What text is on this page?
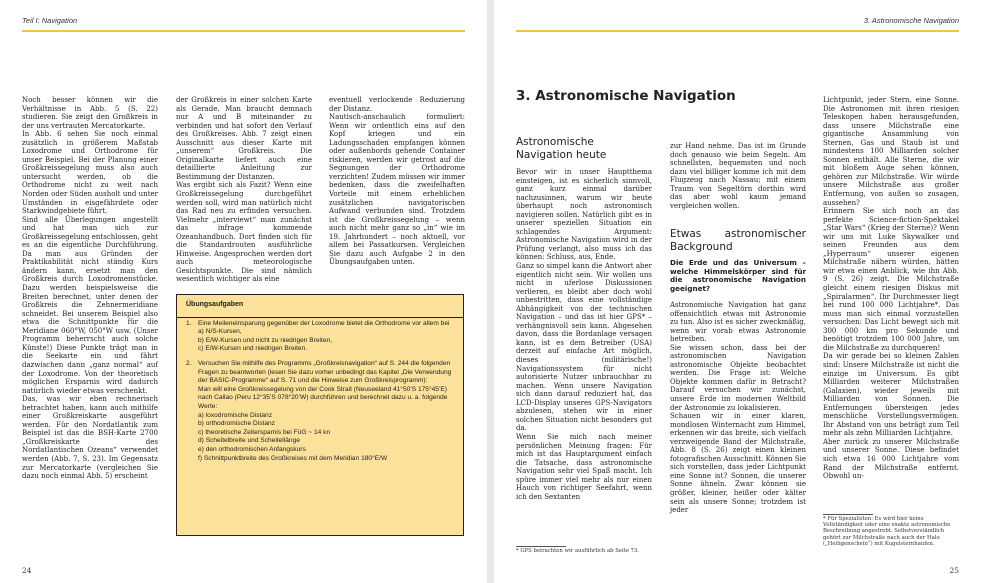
Teil I: Navigation

Noch besser können wir die Verhältnisse in Abb. 5 (S. 22) studieren. Sie zeigt den Großkreis in der uns vertrauten Mercatorkarte.

In Abb. 6 sehen Sie noch einmal zusätzlich in größerem Maßstab Loxodrome und Orthodrome für unser Beispiel. Bei der Planung einer Großkreissegelung muss also auch untersucht werden, ob die Orthodrome nicht zu weit nach Norden oder Süden ausholt und unter Umständen in eisgefährdete oder Starkwindgebiete führt.

Sind alle Überlegungen angestellt und hat man sich zur Großkreissegelung entschlossen, geht es an die eigentliche Durchführung. Da man aus Gründen der Praktikabilität nicht ständig Kurs ändern kann, ersetzt man den Großkreis durch Loxodromenstücke. Dazu werden beispielsweise die Breiten berechnet, unter denen der Großkreis die Zehnermeridiane schneidet. Bei unserem Beispiel also etwa die Schnittpunkte für die Meridiane 060°W, 050°W usw. (Unser Programm beherrscht auch solche Künste!) Diese Punkte trägt man in die Seekarte ein und fährt dazwischen dann „ganz normal“ auf der Loxodrome. Von der theoretisch möglichen Ersparnis wird dadurch natürlich wieder etwas verschenkt.

Das, was wir eben rechnerisch betrachtet haben, kann auch mithilfe einer Großkreiskarte ausgeführt werden. Für den Nordatlantik zum Beispiel ist das die BSH-Karte 2700 „Großkreiskarte des Nordatlantischen Ozeans“ verwendet werden (Abb. 7, S. 23). Im Gegensatz zur Mercatorkarte (vergleichen Sie dazu noch einmal Abb. 5) erscheint

der Großkreis in einer solchen Karte als Gerade. Man braucht demnach nur A und B miteinander zu verbinden und hat sofort den Verlauf des Großkreises. Abb. 7 zeigt einen Ausschnitt aus dieser Karte mit „unserem“ Großkreis. Die Originalkarte liefert auch eine detaillierte Anleitung zur Bestimmung der Distanzen.

Was ergibt sich als Fazit? Wenn eine Großkreissegelung durchgeführt werden soll, wird man natürlich nicht das Rad neu zu erfinden versuchen. Vielmehr „interviewt“ man zunächst das infrage kommende Ozeanhandbuch. Dort finden sich für die Standardrouten ausführliche Hinweise. Angesprochen werden dort auch meteorologische Gesichtspunkte. Die sind nämlich wesentlich wichtiger als eine

eventuell verlockende Reduzierung der Distanz.

Nautisch-anschaulich formuliert: Wenn wir ordentlich eins auf den Kopf kriegen und ein Ladungsschaden empfangen können oder außenbords gehende Container riskieren, werden wir getrost auf die Segnungen der Orthodrome verzichten! Zudem müssen wir immer bedenken, dass die zweifelhaften Vorteile mit einem erheblichen zusätzlichen navigatorischen Aufwand verbunden sind. Trotzdem ist die Großkreissegelung – wenn auch nicht mehr ganz so „in“ wie im 19. Jahrhundert – noch aktuell, vor allem bei Passatkursen. Vergleichen Sie dazu auch Aufgabe 2 in den Übungsaufgaben unten.

Übungsaufgaben
1. Eine Meileneinsparung gegenüber der Loxodrome bietet die Orthodrome vor allem bei
a) N/S-Kursen,
b) E/W-Kursen und nicht zu niedrigen Breiten,
c) E/W-Kursen und niedrigen Breiten.
2. Versuchen Sie mithilfe des Programms „Großkreisnavigation“ auf S. 244 die folgenden Fragen zu beantworten (lesen Sie dazu vorher unbedingt das Kapitel „Die Verwendung der BASIC-Programme“ auf S. 71 und die Hinweise zum Großkreisprogramm):
Man will eine Großkreissegelung von der Cook Strait (Neuseeland 41°50’S 175°45’E) nach Callao (Peru 12°35’S 078°20’W) durchführen und berechnet dazu u. a. folgende Werte:
a) loxodromische Distanz
b) orthodromische Distanz
c) theoretische Zeitersparnis bei FüG ~ 14 kn
d) Scheitelbreite und Scheitellänge
e) den orthodromischen Anfangskurs
f) Schnittpunktbreite des Großkreises mit dem Meridian 180°E/W
24
3. Astronomische Navigation
3. Astronomische Navigation
Astronomische Navigation heute

Bevor wir in unser Hauptthema einsteigen, ist es sicherlich sinnvoll, ganz kurz einmal darüber nachzusinnen, warum wir heute überhaupt noch astronomisch navigieren sollen. Natürlich gibt es in unserer speziellen Situation ein schlagendes Argument: Astronomische Navigation wird in der Prüfung verlangt, also muss ich das können: Schluss, aus, Ende.

Ganz so simpel kann die Antwort aber eigentlich nicht sein. Wir wollen uns nicht in uferlose Diskussionen verlieren, es bleibt aber doch wohl unbestritten, dass eine vollständige Abhängigkeit von der technischen Navigation – und das ist hier GPS* – verhängnisvoll sein kann. Abgesehen davon, dass die Bordanlage versagen kann, ist es dem Betreiber (USA) derzeit auf einfache Art möglich, dieses (militärische!) Navigationssystem für nicht autorisierte Nutzer unbrauchbar zu machen. Wenn unsere Navigation sich dann darauf reduziert hat, das LCD-Display unseres GPS-Navigators abzulesen, stehen wir in einer solchen Situation nicht besonders gut da.

Wenn Sie mich nach meiner persönlichen Meinung fragen: Für mich ist das Hauptargument einfach die Tatsache, dass astronomische Navigation sehr viel Spaß macht. Ich spüre immer viel mehr als nur einen Hauch von richtiger Seefahrt, wenn ich den Sextanten

* GPS betrachten wir ausführlich ab Seite 73.

zur Hand nehme. Das ist im Grunde doch genauso wie beim Segeln. Am schnellsten, bequemsten und noch dazu viel billiger komme ich mit dem Flugzeug nach Nassau; mit einem Traum von Segeltörn dorthin wird das aber wohl kaum jemand vergleichen wollen.

Etwas astronomischer Background
Die Erde und das Universum – welche Himmelskörper sind für die astronomische Navigation geeignet?

Astronomische Navigation hat ganz offensichtlich etwas mit Astronomie zu tun. Also ist es sicher zweckmäßig, wenn wir vorab etwas Astronomie betreiben.

Sie wissen schon, dass bei der astronomischen Navigation astronomische Objekte beobachtet werden. Die Frage ist: Welche Objekte kommen dafür in Betracht? Darauf versuchen wir zunächst, unsere Erde im modernen Weltbild der Astronomie zu lokalisieren.

Schauen wir in einer klaren, mondlosen Winternacht zum Himmel, erkennen wir das breite, sich vielfach verzweigende Band der Milchstraße, Abb. 8 (S. 26) zeigt einen kleinen fotografischen Ausschnitt. Können Sie sich vorstellen, dass jeder Lichtpunkt eine Sonne ist? Sonnen, die unserer Sonne ähneln. Zwar können sie größer, kleiner, heißer oder kälter sein als unsere Sonne; trotzdem ist jeder

Lichtpunkt, jeder Stern, eine Sonne. Die Astronomen mit ihren riesigen Teleskopen haben herausgefunden, dass unsere Milchstraße eine gigantische Ansammlung von Sternen, Gas und Staub ist und mindestens 100 Milliarden solcher Sonnen enthält. Alle Sterne, die wir mit bloßem Auge sehen können, gehören zur Milchstraße. Wir würde unsere Milchstraße aus großer Entfernung, von außen so zusagen, aussehen?

Erinnern Sie sich noch an das perfekte Science-fiction-Spektakel „Star Wars“ (Krieg der Sterne)? Wenn wir uns mit Luke Skywalker und seinen Freunden aus dem „Hyperraum“ unserer eigenen Milchstraße nähern würden, hätten wir etwa einen Anblick, wie ihn Abb. 9 (S. 26) zeigt. Die Milchstraße gleicht einem riesigen Diskus mit „Spiralarmen“. Ihr Durchmesser liegt bei rund 100 000 Lichtjahre*. Das muss man sich einmal vorzustellen versuchen: Das Licht bewegt sich mit 300 000 km pro Sekunde und benötigt trotzdem 100 000 Jahre, um die Milchstraße zu durchqueren!

Da wir gerade bei so kleinen Zahlen sind: Unsere Milchstraße ist nicht die einzige im Universum. Es gibt Milliarden weiterer Milchstraßen (Galaxien), wieder jeweils mit Milliarden von Sonnen. Die Entfernungen übersteigen jedes menschliche Vorstellungsvermögen. Ihr Abstand von uns beträgt zum Teil mehr als zehn Milliarden Lichtjahre.

Aber zurück zu unserer Milchstraße und unserer Sonne. Diese befindet sich etwa 16 000 Lichtjahre vom Rand der Milchstraße entfernt. Obwohl un-

* Für Spezialisten: Es wird hier keine Vollständigkeit oder eine exakte astronomische Beschreibung angestrebt. Selbstverständlich gehört zur Milchstraße nach auch der Halo („Heiligenschein“) mit Kugelsternhaufen.
25
